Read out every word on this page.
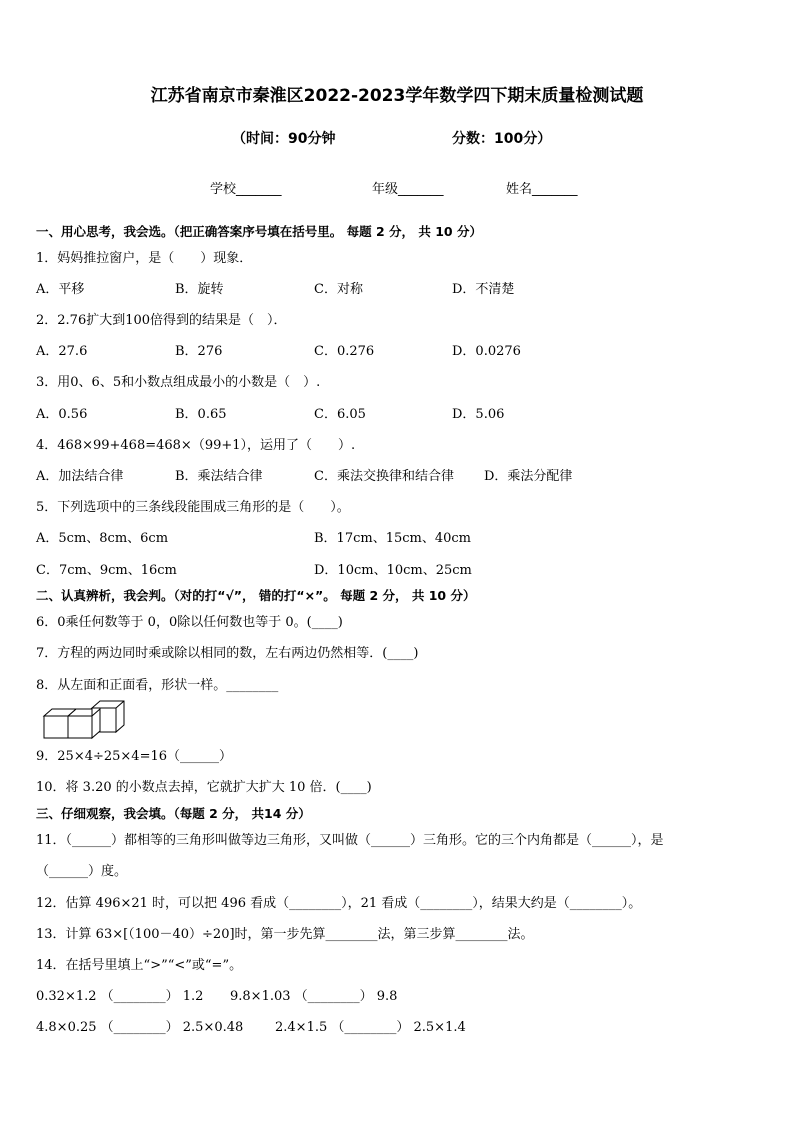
江苏省南京市秦淮区2022-2023学年数学四下期末质量检测试题
（时间：90分钟	分数：100分）
学校_______	年级_______	姓名_______
一、用心思考，我会选。（把正确答案序号填在括号里。 每题 2 分， 共 10 分）
1．妈妈推拉窗户，是（　　）现象．
A．平移	B．旋转	C．对称	D．不清楚
2．2.76扩大到100倍得到的结果是（　）．
A．27.6	B．276	C．0.276	D．0.0276
3．用0、6、5和小数点组成最小的小数是（　）.
A．0.56	B．0.65	C．6.05	D．5.06
4．468×99+468=468×（99+1），运用了（　　）.
A．加法结合律	B．乘法结合律	C．乘法交换律和结合律 D．乘法分配律
5．下列选项中的三条线段能围成三角形的是（　　）。
A．5cm、8cm、6cm	B．17cm、15cm、40cm
C．7cm、9cm、16cm	D．10cm、10cm、25cm
二、认真辨析，我会判。（对的打“√”， 错的打“×”。 每题 2 分， 共 10 分）
6．0乘任何数等于 0，0除以任何数也等于 0。(____)
7．方程的两边同时乘或除以相同的数，左右两边仍然相等．(____)
8．从左面和正面看，形状一样。________
9．25×4÷25×4=16（______）
10．将 3.20 的小数点去掉，它就扩大扩大 10 倍．(____)
三、仔细观察，我会填。（每题 2 分， 共14 分）
11．（______）都相等的三角形叫做等边三角形，又叫做（______）三角形。它的三个内角都是（______），是
（______）度。
12．估算 496×21 时，可以把 496 看成（________），21 看成（________），结果大约是（________）。
13．计算 63×[（100－40）÷20]时，第一步先算________法，第三步算________法。
14．在括号里填上“>”“<”或“=”。
0.32×1.2 （________） 1.2 9.8×1.03 （________） 9.8
4.8×0.25 （________） 2.5×0.48 2.4×1.5 （________） 2.5×1.4
